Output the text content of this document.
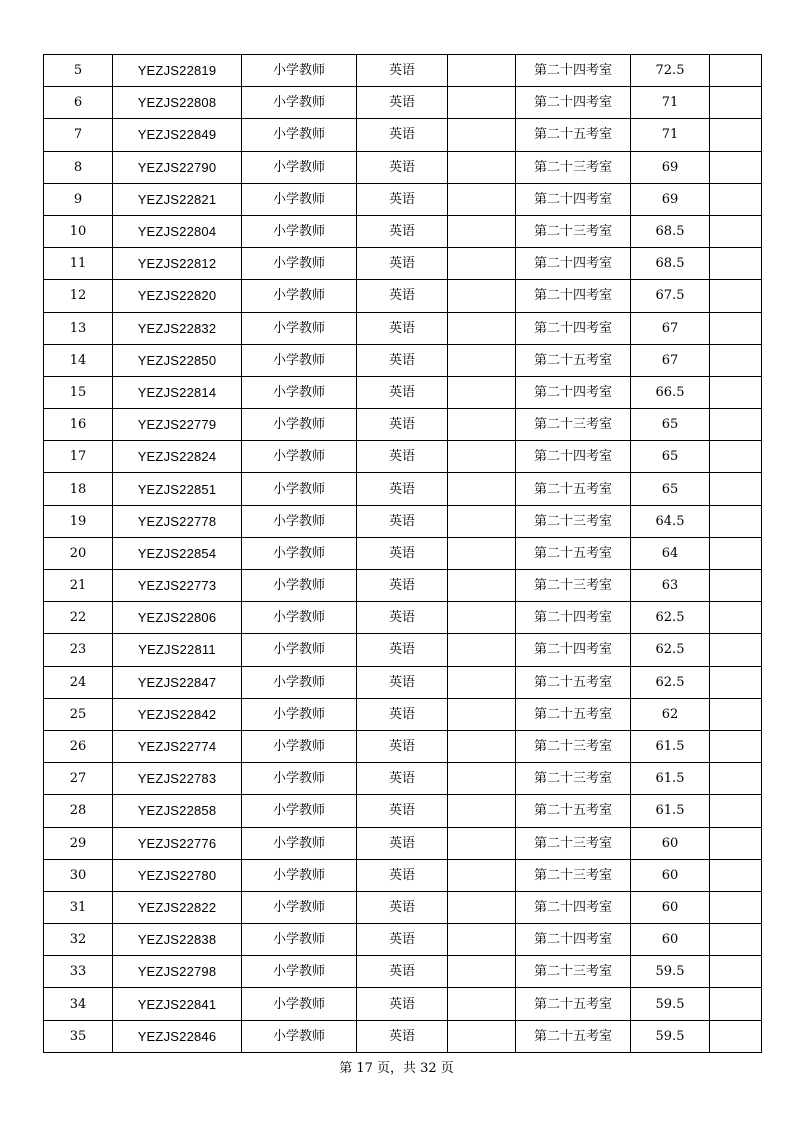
5	YEZJS22819	小学教师	英语		第二十四考室	72.5	
6	YEZJS22808	小学教师	英语		第二十四考室	71	
7	YEZJS22849	小学教师	英语		第二十五考室	71	
8	YEZJS22790	小学教师	英语		第二十三考室	69	
9	YEZJS22821	小学教师	英语		第二十四考室	69	
10	YEZJS22804	小学教师	英语		第二十三考室	68.5	
11	YEZJS22812	小学教师	英语		第二十四考室	68.5	
12	YEZJS22820	小学教师	英语		第二十四考室	67.5	
13	YEZJS22832	小学教师	英语		第二十四考室	67	
14	YEZJS22850	小学教师	英语		第二十五考室	67	
15	YEZJS22814	小学教师	英语		第二十四考室	66.5	
16	YEZJS22779	小学教师	英语		第二十三考室	65	
17	YEZJS22824	小学教师	英语		第二十四考室	65	
18	YEZJS22851	小学教师	英语		第二十五考室	65	
19	YEZJS22778	小学教师	英语		第二十三考室	64.5	
20	YEZJS22854	小学教师	英语		第二十五考室	64	
21	YEZJS22773	小学教师	英语		第二十三考室	63	
22	YEZJS22806	小学教师	英语		第二十四考室	62.5	
23	YEZJS22811	小学教师	英语		第二十四考室	62.5	
24	YEZJS22847	小学教师	英语		第二十五考室	62.5	
25	YEZJS22842	小学教师	英语		第二十五考室	62	
26	YEZJS22774	小学教师	英语		第二十三考室	61.5	
27	YEZJS22783	小学教师	英语		第二十三考室	61.5	
28	YEZJS22858	小学教师	英语		第二十五考室	61.5	
29	YEZJS22776	小学教师	英语		第二十三考室	60	
30	YEZJS22780	小学教师	英语		第二十三考室	60	
31	YEZJS22822	小学教师	英语		第二十四考室	60	
32	YEZJS22838	小学教师	英语		第二十四考室	60	
33	YEZJS22798	小学教师	英语		第二十三考室	59.5	
34	YEZJS22841	小学教师	英语		第二十五考室	59.5	
35	YEZJS22846	小学教师	英语		第二十五考室	59.5	
第 17 页，共 32 页
